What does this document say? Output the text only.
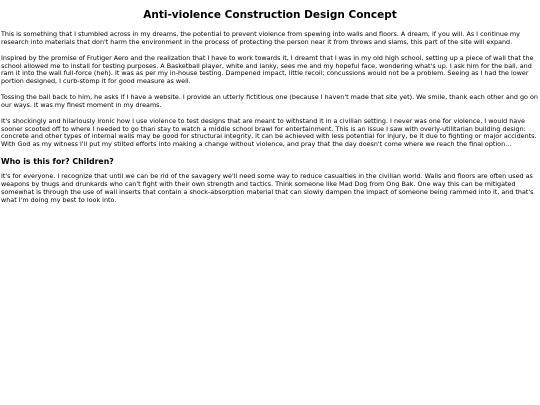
Anti-violence Construction Design Concept

This is something that I stumbled across in my dreams, the potential to prevent violence from spewing into walls and floors. A dream, if you will. As I continue my research into materials that don't harm the environment in the process of protecting the person near it from throws and slams, this part of the site will expand.

Inspired by the promise of Frutiger Aero and the realization that I have to work towards it, I dreamt that I was in my old high school, setting up a piece of wall that the school allowed me to install for testing purposes. A Basketball player, white and lanky, sees me and my hopeful face, wondering what's up. I ask him for the ball, and ram it into the wall full-force (heh). It was as per my in-house testing. Dampened impact, little recoil; concussions would not be a problem. Seeing as I had the lower portion designed, I curb-stomp it for good measure as well.

Tossing the ball back to him, he asks if I have a website. I provide an utterly fictitious one (because I haven't made that site yet). We smile, thank each other and go on our ways. It was my finest moment in my dreams.

It's shockingly and hilariously ironic how I use violence to test designs that are meant to withstand it in a civilian setting. I never was one for violence, I would have sooner scooted off to where I needed to go than stay to watch a middle school brawl for entertainment. This is an issue I saw with overly-utilitarian building design: concrete and other types of internal walls may be good for structural integrity, it can be achieved with less potential for injury, be it due to fighting or major accidents. With God as my witness I'll put my stilted efforts into making a change without violence, and pray that the day doesn't come where we reach the final option...

Who is this for? Children?

It's for everyone. I recognize that until we can be rid of the savagery we'll need some way to reduce casualties in the civilian world. Walls and floors are often used as weapons by thugs and drunkards who can't fight with their own strength and tactics. Think someone like Mad Dog from Ong Bak. One way this can be mitigated somewhat is through the use of wall inserts that contain a shock-absorption material that can slowly dampen the impact of someone being rammed into it, and that's what I'm doing my best to look into.
